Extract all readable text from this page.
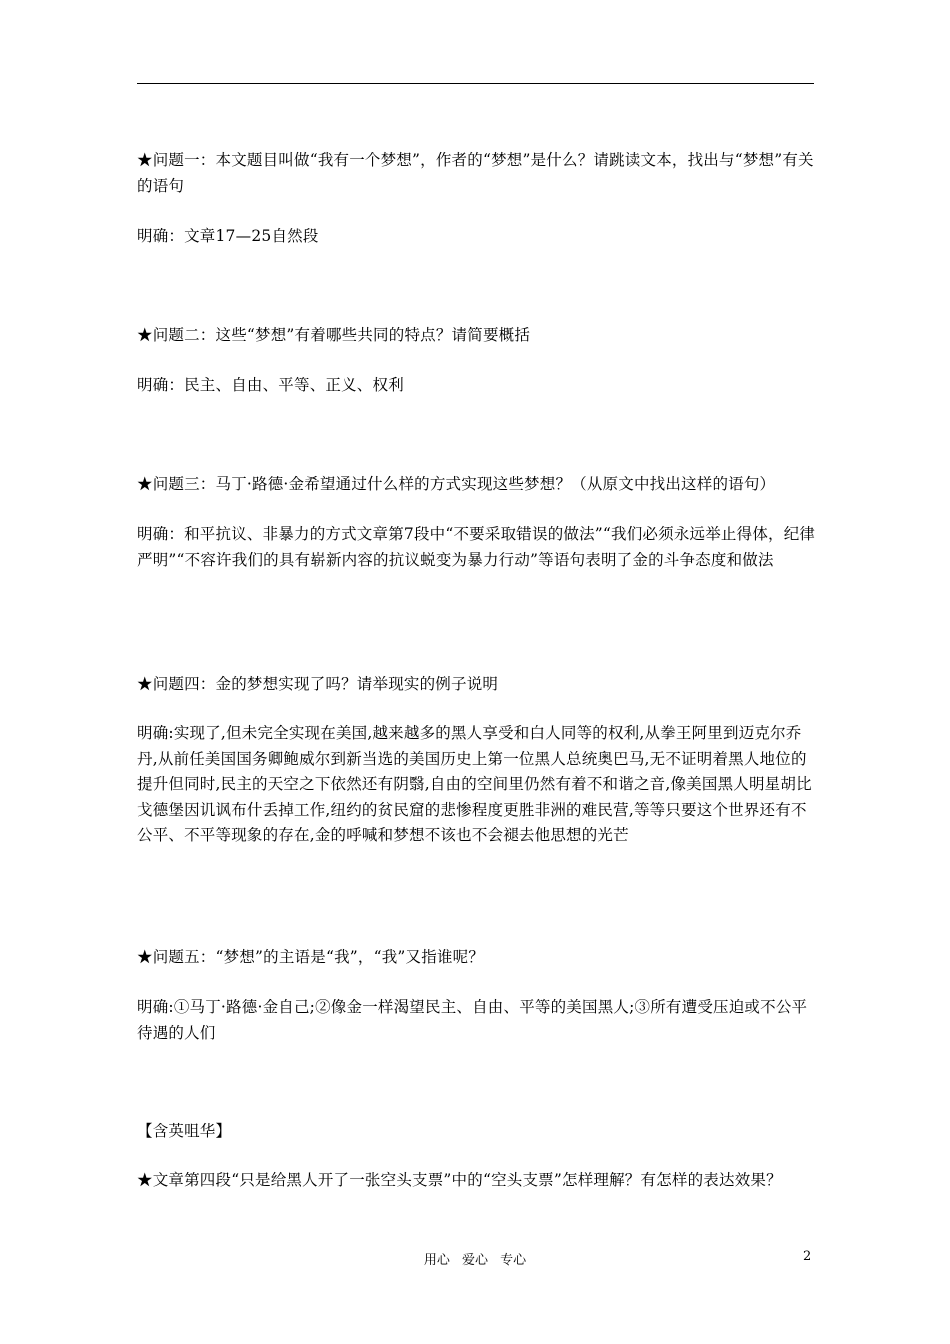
★问题一：本文题目叫做“我有一个梦想”，作者的“梦想”是什么？请跳读文本，找出与“梦想”有关的语句

明确：文章17—25自然段

★问题二：这些“梦想”有着哪些共同的特点？请简要概括

明确：民主、自由、平等、正义、权利

★问题三：马丁·路德·金希望通过什么样的方式实现这些梦想？（从原文中找出这样的语句）

明确：和平抗议、非暴力的方式文章第7段中“不要采取错误的做法”“我们必须永远举止得体，纪律严明”“不容许我们的具有崭新内容的抗议蜕变为暴力行动”等语句表明了金的斗争态度和做法

★问题四：金的梦想实现了吗？请举现实的例子说明

明确:实现了,但未完全实现在美国,越来越多的黑人享受和白人同等的权利,从拳王阿里到迈克尔乔丹,从前任美国国务卿鲍威尔到新当选的美国历史上第一位黑人总统奥巴马,无不证明着黑人地位的提升但同时,民主的天空之下依然还有阴翳,自由的空间里仍然有着不和谐之音,像美国黑人明星胡比戈德堡因讥讽布什丢掉工作,纽约的贫民窟的悲惨程度更胜非洲的难民营,等等只要这个世界还有不公平、不平等现象的存在,金的呼喊和梦想不该也不会褪去他思想的光芒

★问题五：“梦想”的主语是“我”，“我”又指谁呢？

明确:①马丁·路德·金自己;②像金一样渴望民主、自由、平等的美国黑人;③所有遭受压迫或不公平待遇的人们

【含英咀华】

★文章第四段“只是给黑人开了一张空头支票”中的“空头支票”怎样理解？有怎样的表达效果？

用心 爱心 专心	2
